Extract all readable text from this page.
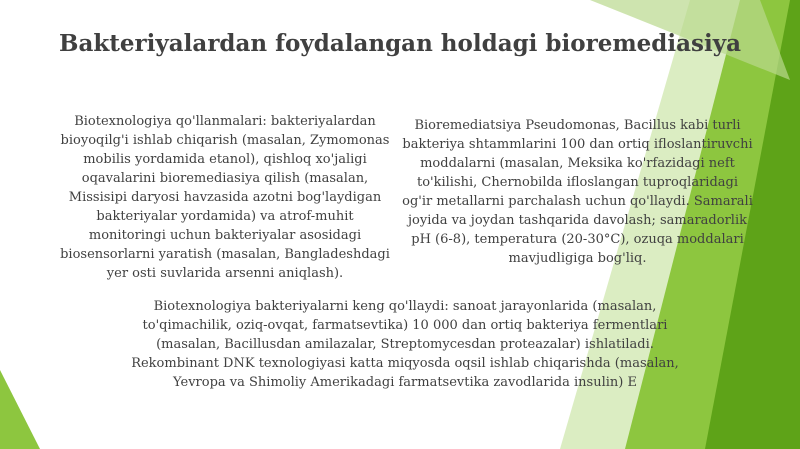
Bakteriyalardan foydalangan holdagi bioremediasiya
Biotexnologiya qo'llanmalari: bakteriyalardan bioyoqilg'i ishlab chiqarish (masalan, Zymomonas mobilis yordamida etanol), qishloq xo'jaligi oqavalarini bioremediasiya qilish (masalan, Missisipi daryosi havzasida azotni bog'laydigan bakteriyalar yordamida) va atrof-muhit monitoringi uchun bakteriyalar asosidagi biosensorlarni yaratish (masalan, Bangladeshdagi yer osti suvlarida arsenni aniqlash).
Bioremediatsiya Pseudomonas, Bacillus kabi turli bakteriya shtammlarini 100 dan ortiq ifloslantiruvchi moddalarni (masalan, Meksika ko'rfazidagi neft to'kilishi, Chernobilda ifloslangan tuproqlaridagi og'ir metallarni parchalash uchun qo'llaydi. Samarali joyida va joydan tashqarida davolash; samaradorlik pH (6-8), temperatura (20-30°C), ozuqa moddalari mavjudligiga bog'liq.
Biotexnologiya bakteriyalarni keng qo'llaydi: sanoat jarayonlarida (masalan, to'qimachilik, oziq-ovqat, farmatsevtika) 10 000 dan ortiq bakteriya fermentlari (masalan, Bacillusdan amilazalar, Streptomycesdan proteazalar) ishlatiladi. Rekombinant DNK texnologiyasi katta miqyosda oqsil ishlab chiqarishda (masalan, Yevropa va Shimoliy Amerikadagi farmatsevtika zavodlarida insulin) E
